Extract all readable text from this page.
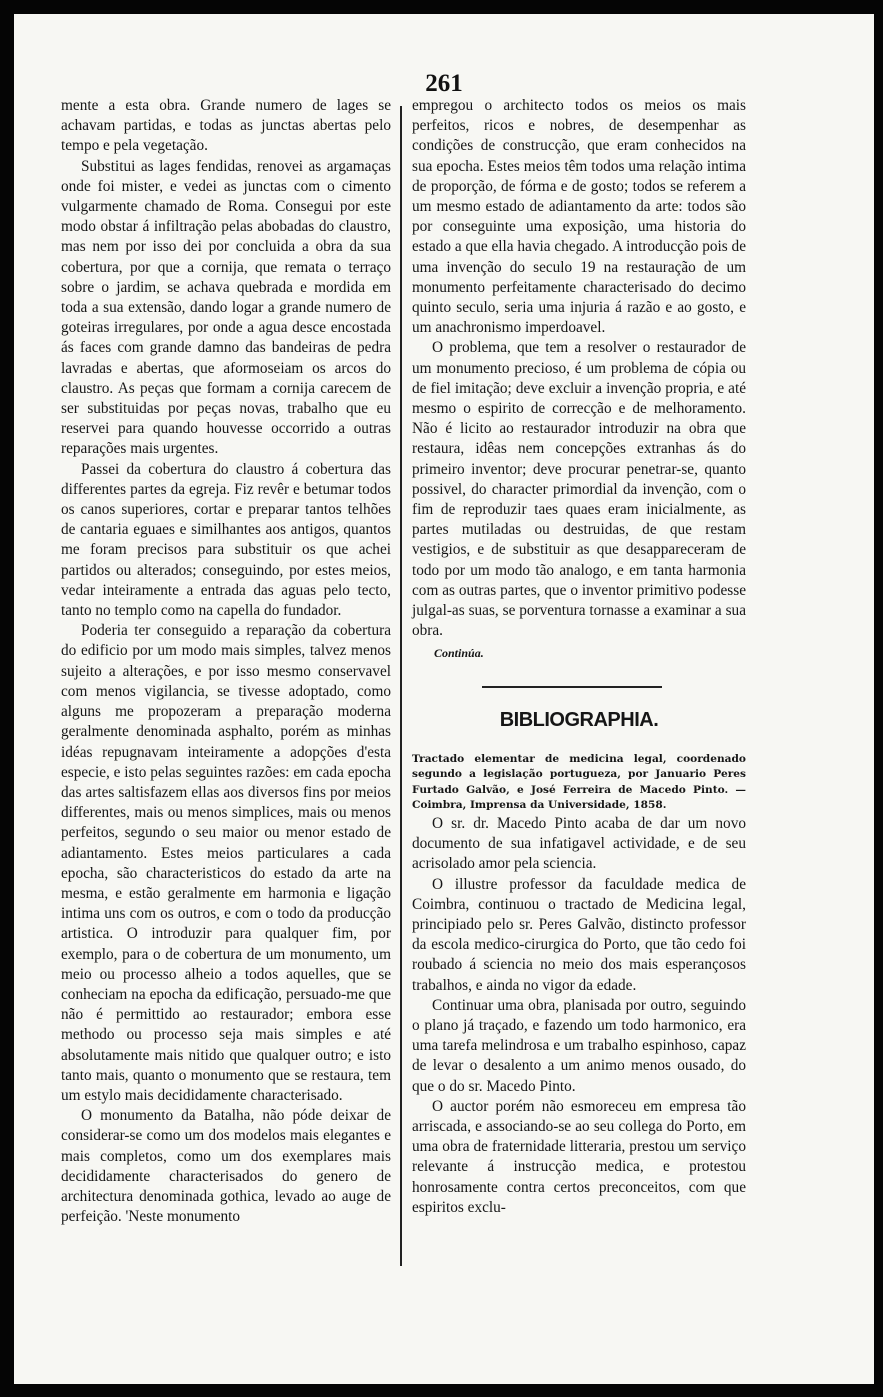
261

mente a esta obra. Grande numero de lages se achavam partidas, e todas as junctas abertas pelo tempo e pela vegetação.

Substitui as lages fendidas, renovei as argamaças onde foi mister, e vedei as junctas com o cimento vulgarmente chamado de Roma. Consegui por este modo obstar á infiltração pelas abobadas do claustro, mas nem por isso dei por concluida a obra da sua cobertura, por que a cornija, que remata o terraço sobre o jardim, se achava quebrada e mordida em toda a sua extensão, dando logar a grande numero de goteiras irregulares, por onde a agua desce encostada ás faces com grande damno das bandeiras de pedra lavradas e abertas, que aformoseiam os arcos do claustro. As peças que formam a cornija carecem de ser substituidas por peças novas, trabalho que eu reservei para quando houvesse occorrido a outras reparações mais urgentes.

Passei da cobertura do claustro á cobertura das differentes partes da egreja. Fiz revêr e betumar todos os canos superiores, cortar e preparar tantos telhões de cantaria eguaes e similhantes aos antigos, quantos me foram precisos para substituir os que achei partidos ou alterados; conseguindo, por estes meios, vedar inteiramente a entrada das aguas pelo tecto, tanto no templo como na capella do fundador.

Poderia ter conseguido a reparação da cobertura do edificio por um modo mais simples, talvez menos sujeito a alterações, e por isso mesmo conservavel com menos vigilancia, se tivesse adoptado, como alguns me propozeram a preparação moderna geralmente denominada asphalto, porém as minhas idéas repugnavam inteiramente a adopções d'esta especie, e isto pelas seguintes razões: em cada epocha das artes saltisfazem ellas aos diversos fins por meios differentes, mais ou menos simplices, mais ou menos perfeitos, segundo o seu maior ou menor estado de adiantamento. Estes meios particulares a cada epocha, são characteristicos do estado da arte na mesma, e estão geralmente em harmonia e ligação intima uns com os outros, e com o todo da producção artistica. O introduzir para qualquer fim, por exemplo, para o de cobertura de um monumento, um meio ou processo alheio a todos aquelles, que se conheciam na epocha da edificação, persuado-me que não é permittido ao restaurador; embora esse methodo ou processo seja mais simples e até absolutamente mais nitido que qualquer outro; e isto tanto mais, quanto o monumento que se restaura, tem um estylo mais decididamente characterisado.

O monumento da Batalha, não póde deixar de considerar-se como um dos modelos mais elegantes e mais completos, como um dos exemplares mais decididamente characterisados do genero de architectura denominada gothica, levado ao auge de perfeição. 'Neste monumento

empregou o architecto todos os meios os mais perfeitos, ricos e nobres, de desempenhar as condições de construcção, que eram conhecidos na sua epocha. Estes meios têm todos uma relação intima de proporção, de fórma e de gosto; todos se referem a um mesmo estado de adiantamento da arte: todos são por conseguinte uma exposição, uma historia do estado a que ella havia chegado. A introducção pois de uma invenção do seculo 19 na restauração de um monumento perfeitamente characterisado do decimo quinto seculo, seria uma injuria á razão e ao gosto, e um anachronismo imperdoavel.

O problema, que tem a resolver o restaurador de um monumento precioso, é um problema de cópia ou de fiel imitação; deve excluir a invenção propria, e até mesmo o espirito de correcção e de melhoramento. Não é licito ao restaurador introduzir na obra que restaura, idêas nem concepções extranhas ás do primeiro inventor; deve procurar penetrar-se, quanto possivel, do character primordial da invenção, com o fim de reproduzir taes quaes eram inicialmente, as partes mutiladas ou destruidas, de que restam vestigios, e de substituir as que desappareceram de todo por um modo tão analogo, e em tanta harmonia com as outras partes, que o inventor primitivo podesse julgal-as suas, se porventura tornasse a examinar a sua obra.

Continúa.
BIBLIOGRAPHIA.

Tractado elementar de medicina legal, coordenado segundo a legislação portugueza, por Januario Peres Furtado Galvão, e José Ferreira de Macedo Pinto. — Coimbra, Imprensa da Universidade, 1858.

O sr. dr. Macedo Pinto acaba de dar um novo documento de sua infatigavel actividade, e de seu acrisolado amor pela sciencia.

O illustre professor da faculdade medica de Coimbra, continuou o tractado de Medicina legal, principiado pelo sr. Peres Galvão, distincto professor da escola medico-cirurgica do Porto, que tão cedo foi roubado á sciencia no meio dos mais esperançosos trabalhos, e ainda no vigor da edade.

Continuar uma obra, planisada por outro, seguindo o plano já traçado, e fazendo um todo harmonico, era uma tarefa melindrosa e um trabalho espinhoso, capaz de levar o desalento a um animo menos ousado, do que o do sr. Macedo Pinto.

O auctor porém não esmoreceu em empresa tão arriscada, e associando-se ao seu collega do Porto, em uma obra de fraternidade litteraria, prestou um serviço relevante á instrucção medica, e protestou honrosamente contra certos preconceitos, com que espiritos exclu-
